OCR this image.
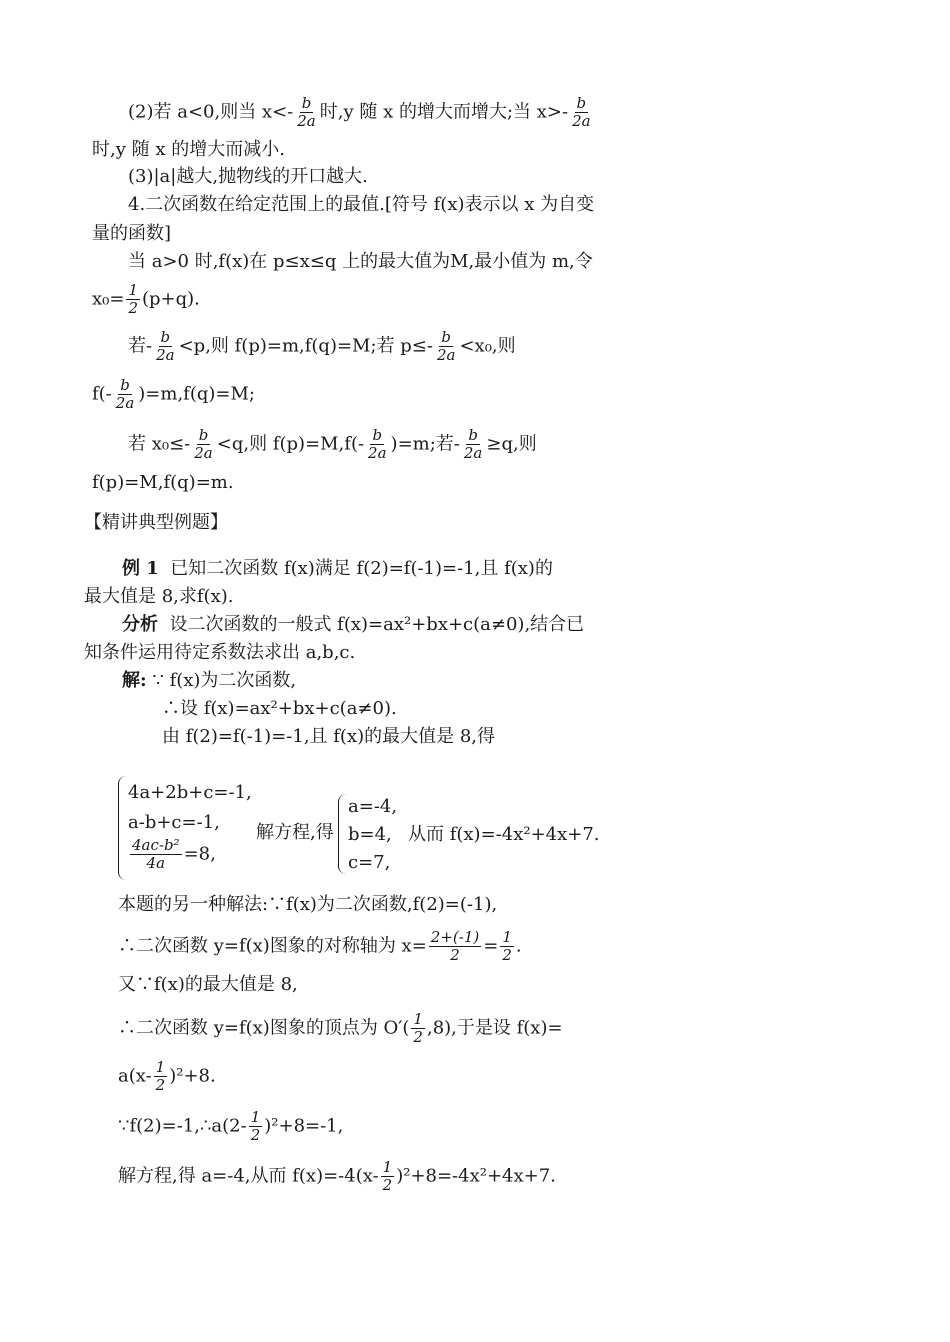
(2)若 a<0,则当 $x<- \frac{b}{2a}$ 时,y 随 x 的增大而增大;当 $x>- \frac{b}{2a}$
时,y 随 x 的增大而减小.
(3)|a|越大,抛物线的开口越大.
4.二次函数在给定范围上的最值.[符号 f(x)表示以 x 为自变
量的函数]
当 a>0 时,f(x)在 p≤x≤q 上的最大值为M,最小值为 m,令
$x_0= \frac{1}{2} (p+q)$.
若- $\frac{b}{2a} <p$,则 f(p)=m,f(q)=M;若 $p\le- \frac{b}{2a} <x_0$,则
$f(- \frac{b}{2a} )=m,f(q)=M$;
若 $x_0\le- \frac{b}{2a} <q$,则 $f(p)=M,f(- \frac{b}{2a} )=m$;若- $\frac{b}{2a} \ge q$,则
f(p)=M,f(q)=m.
【精讲典型例题】
例 1 已知二次函数 f(x)满足 f(2)=f(-1)=-1,且 f(x)的
最大值是 8,求f(x).
分析 设二次函数的一般式 f(x)=ax²+bx+c(a≠0),结合已
知条件运用待定系数法求出 a,b,c.
解: ∵ f(x)为二次函数,
∴设 f(x)=ax²+bx+c(a≠0).
由 f(2)=f(-1)=-1,且 f(x)的最大值是 8,得
4a+2b+c=-1,
a-b+c=-1,
$\frac{\text{4ac-b²}}{4a} =8$,
解方程,得
a=-4,
b=4,
c=7,
从而 f(x)=-4x²+4x+7.
本题的另一种解法:∵f(x)为二次函数,f(2)=(-1),
∴二次函数 y=f(x)图象的对称轴为 $x= \frac{2+(-1)}{2} = \frac{1}{2}$ .
又∵f(x)的最大值是 8,
∴二次函数 y=f(x)图象的顶点为 $O'( \frac{1}{2} ,8)$,于是设 f(x)=
$a(x- \frac{1}{2} )^2+8$.
∵f(2)=-1,∴a(2- $\frac{1}{2} )^2+8=-1$,
解方程,得 a=-4,从而 $f(x)=-4(x- \frac{1}{2} )^2+8=-4x^2+4x+7$.
